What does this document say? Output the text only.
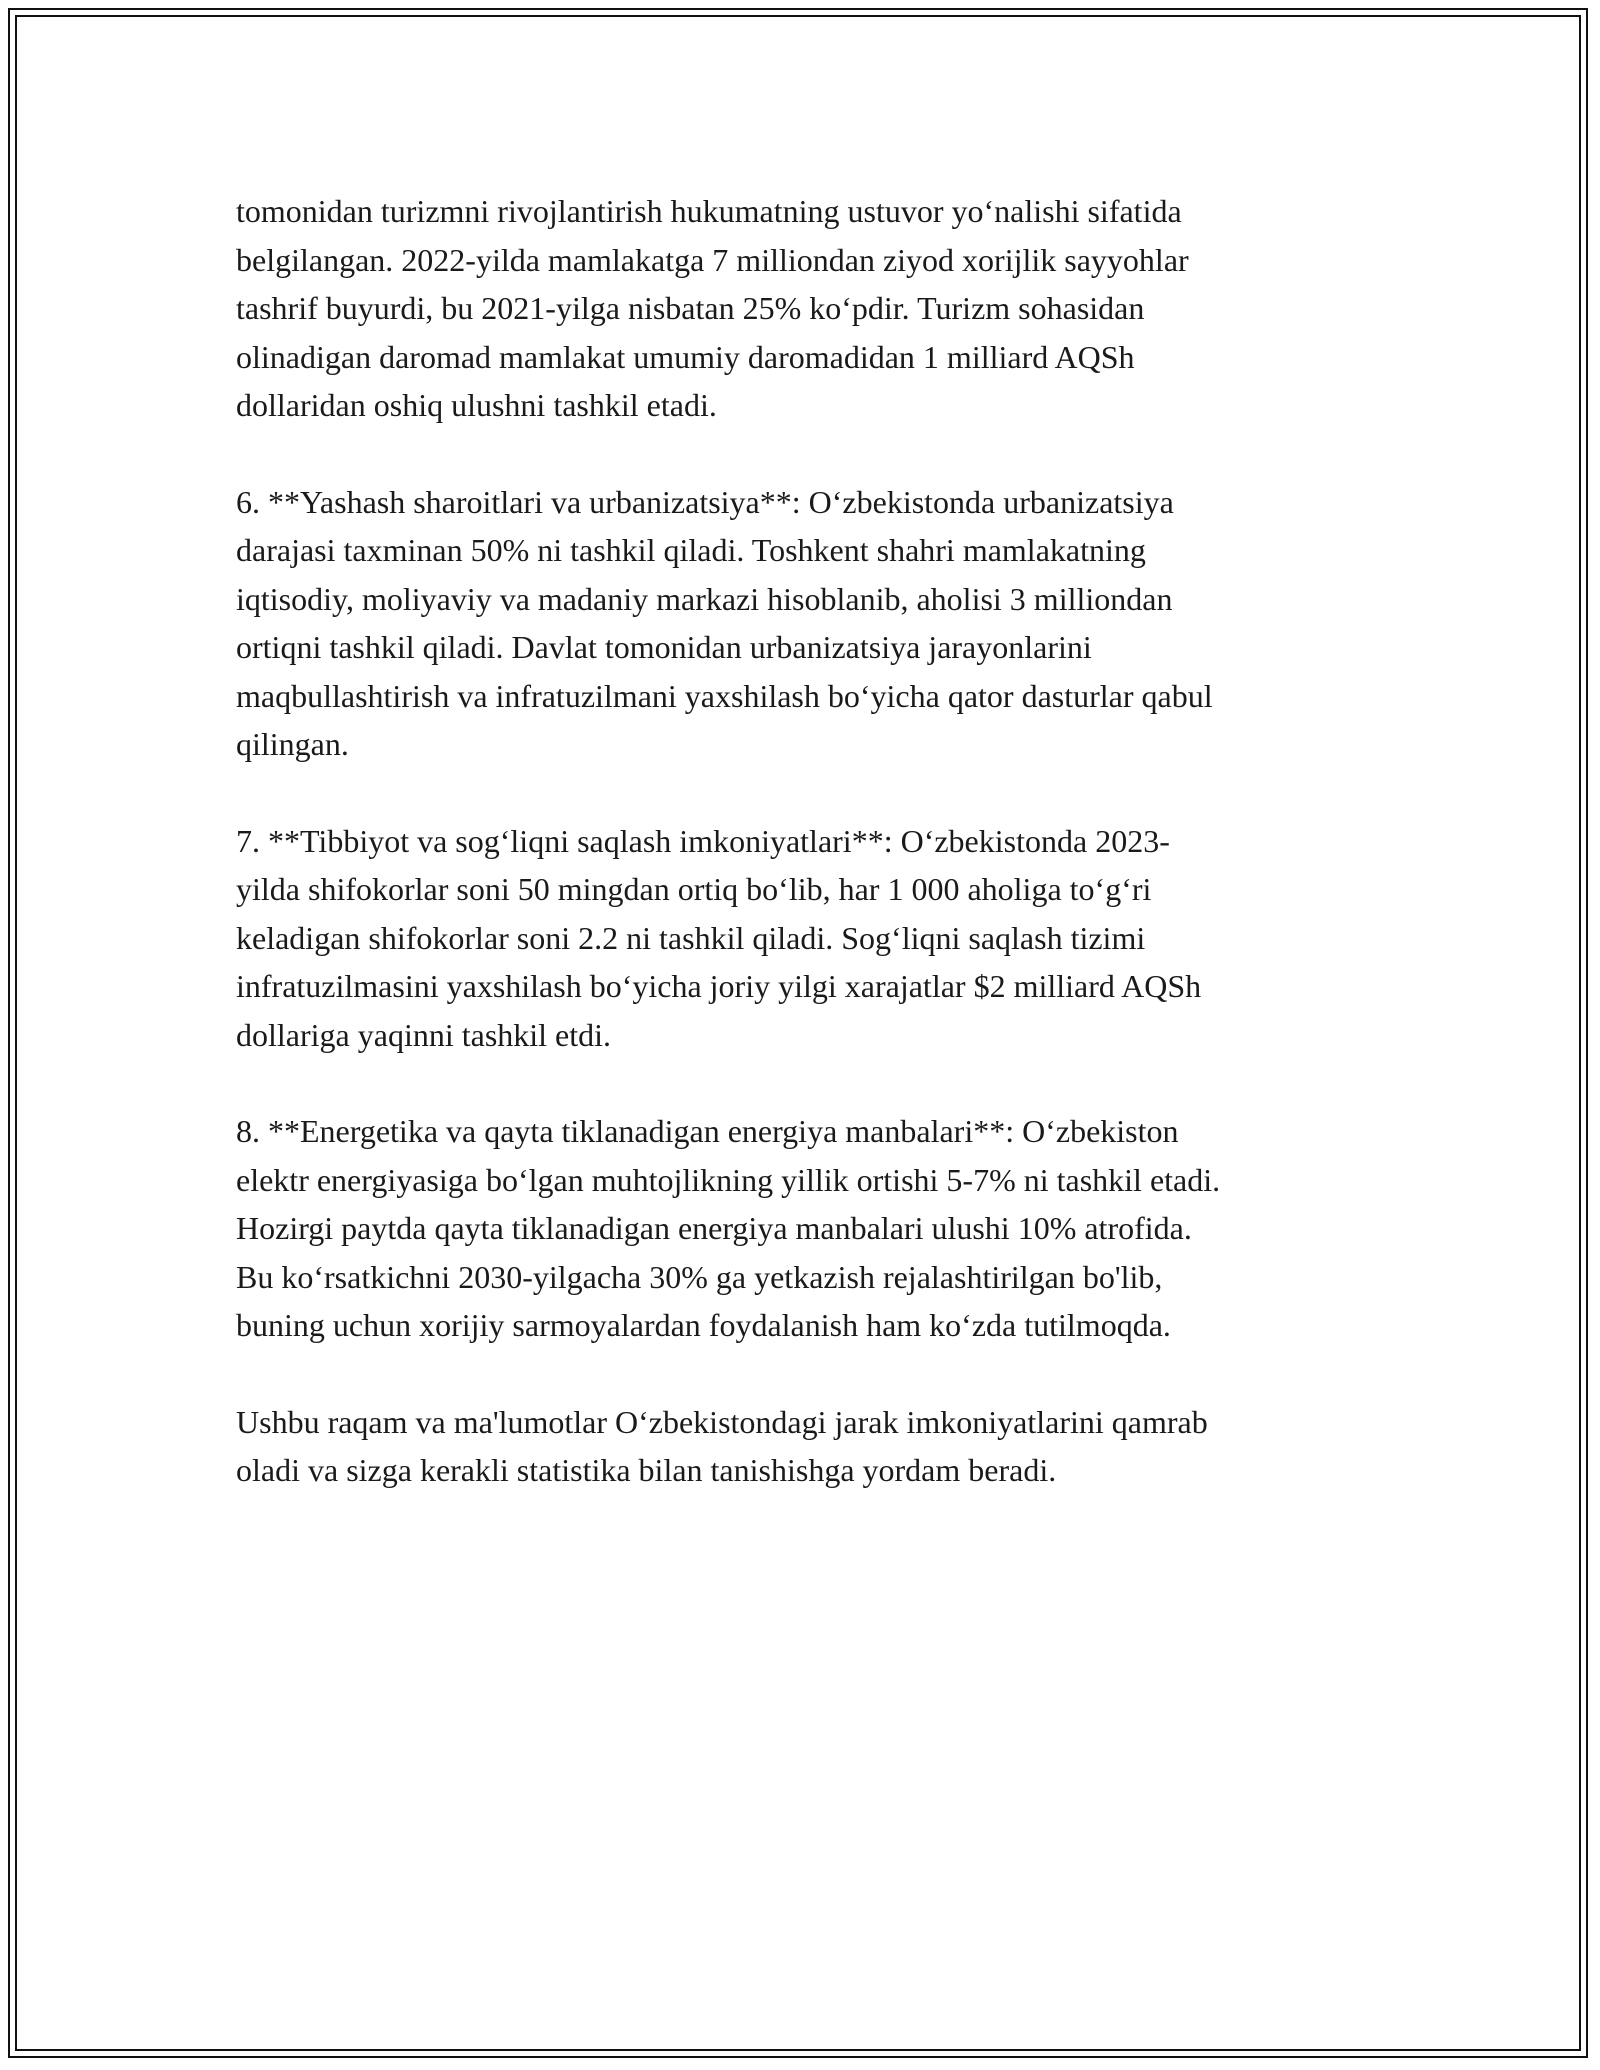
tomonidan turizmni rivojlantirish hukumatning ustuvor yo‘nalishi sifatida
belgilangan. 2022-yilda mamlakatga 7 milliondan ziyod xorijlik sayyohlar
tashrif buyurdi, bu 2021-yilga nisbatan 25% ko‘pdir. Turizm sohasidan
olinadigan daromad mamlakat umumiy daromadidan 1 milliard AQSh
dollaridan oshiq ulushni tashkil etadi.

6. **Yashash sharoitlari va urbanizatsiya**: O‘zbekistonda urbanizatsiya
darajasi taxminan 50% ni tashkil qiladi. Toshkent shahri mamlakatning
iqtisodiy, moliyaviy va madaniy markazi hisoblanib, aholisi 3 milliondan
ortiqni tashkil qiladi. Davlat tomonidan urbanizatsiya jarayonlarini
maqbullashtirish va infratuzilmani yaxshilash bo‘yicha qator dasturlar qabul
qilingan.

7. **Tibbiyot va sog‘liqni saqlash imkoniyatlari**: O‘zbekistonda 2023-
yilda shifokorlar soni 50 mingdan ortiq bo‘lib, har 1 000 aholiga to‘g‘ri
keladigan shifokorlar soni 2.2 ni tashkil qiladi. Sog‘liqni saqlash tizimi
infratuzilmasini yaxshilash bo‘yicha joriy yilgi xarajatlar $2 milliard AQSh
dollariga yaqinni tashkil etdi.

8. **Energetika va qayta tiklanadigan energiya manbalari**: O‘zbekiston
elektr energiyasiga bo‘lgan muhtojlikning yillik ortishi 5-7% ni tashkil etadi.
Hozirgi paytda qayta tiklanadigan energiya manbalari ulushi 10% atrofida.
Bu ko‘rsatkichni 2030-yilgacha 30% ga yetkazish rejalashtirilgan bo'lib,
buning uchun xorijiy sarmoyalardan foydalanish ham ko‘zda tutilmoqda.

Ushbu raqam va ma'lumotlar O‘zbekistondagi jarak imkoniyatlarini qamrab
oladi va sizga kerakli statistika bilan tanishishga yordam beradi.
